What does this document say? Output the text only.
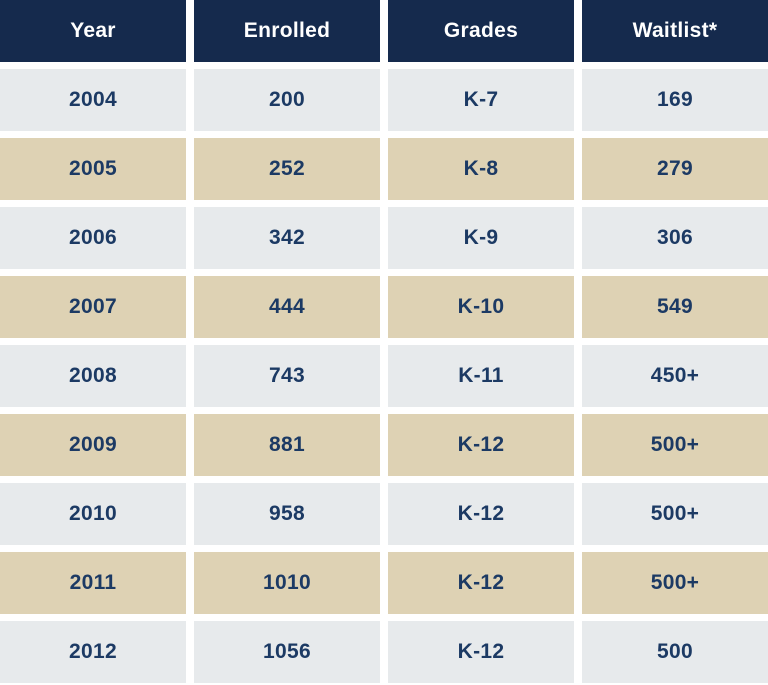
Year	Enrolled	Grades	Waitlist*
2004	200	K-7	169
2005	252	K-8	279
2006	342	K-9	306
2007	444	K-10	549
2008	743	K-11	450+
2009	881	K-12	500+
2010	958	K-12	500+
2011	1010	K-12	500+
2012	1056	K-12	500
